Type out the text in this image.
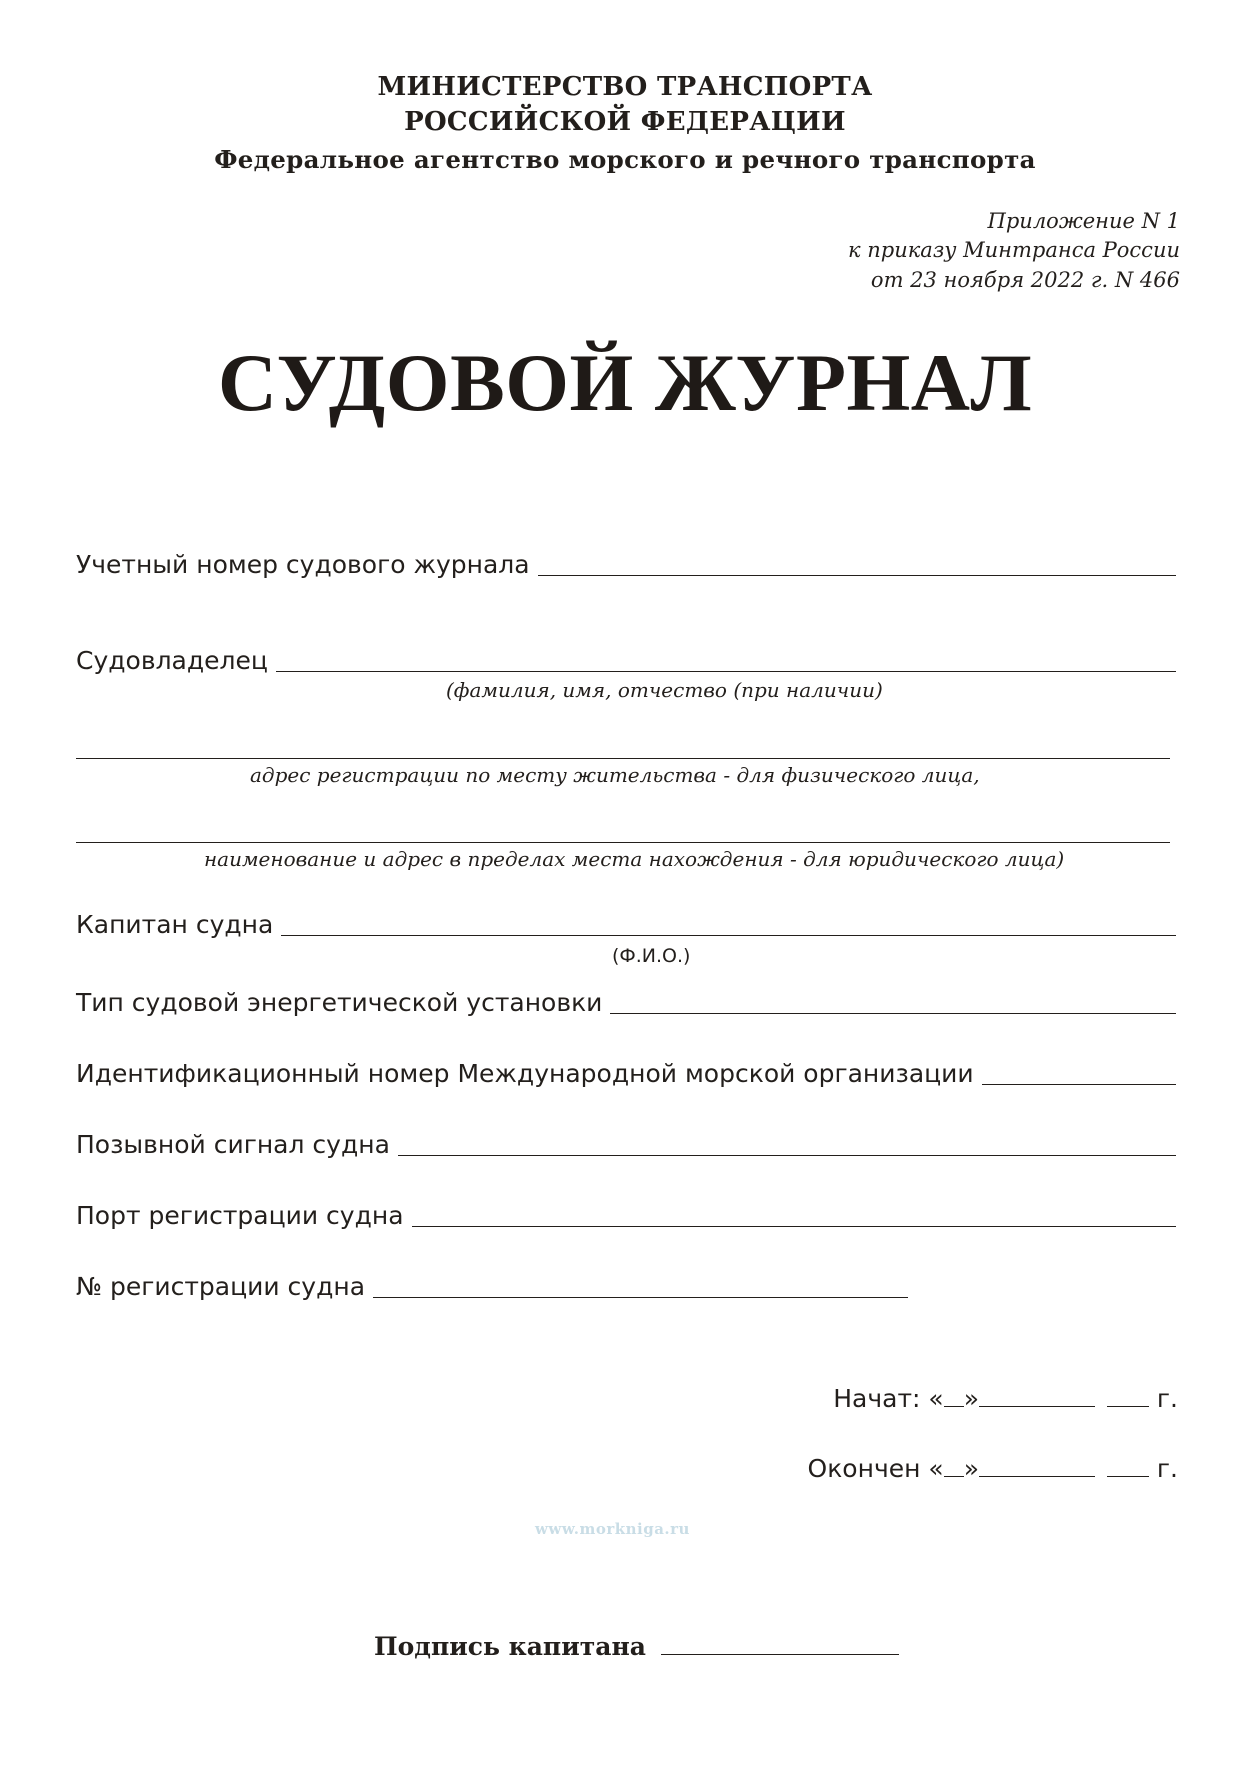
МИНИСТЕРСТВО ТРАНСПОРТА
РОССИЙСКОЙ ФЕДЕРАЦИИ
Федеральное агентство морского и речного транспорта
Приложение N 1
к приказу Минтранса России
от 23 ноября 2022 г. N 466
СУДОВОЙ ЖУРНАЛ
Учетный номер судового журнала
Судовладелец
(фамилия, имя, отчество (при наличии)
адрес регистрации по месту жительства - для физического лица,
наименование и адрес в пределах места нахождения - для юридического лица)
Капитан судна
(Ф.И.О.)
Тип судовой энергетической установки
Идентификационный номер Международной морской организации
Позывной сигнал судна
Порт регистрации судна
№ регистрации судна
Начат: « »	г.
Окончен « »	г.
www.morkniga.ru
Подпись капитана
